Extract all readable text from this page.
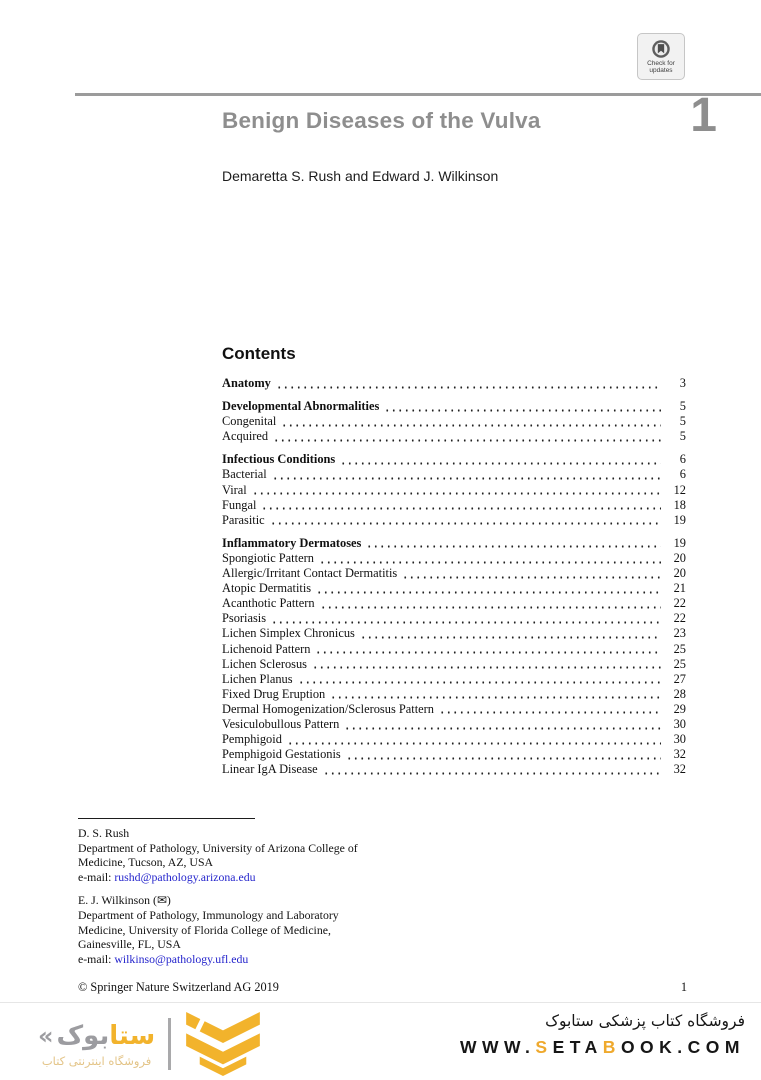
Check for
updates
Benign Diseases of the Vulva	1
Demaretta S. Rush and Edward J. Wilkinson
Contents
Anatomy	3
Developmental Abnormalities	5
Congenital	5
Acquired	5
Infectious Conditions	6
Bacterial	6
Viral	12
Fungal	18
Parasitic	19
Inflammatory Dermatoses	19
Spongiotic Pattern	20
Allergic/Irritant Contact Dermatitis	20
Atopic Dermatitis	21
Acanthotic Pattern	22
Psoriasis	22
Lichen Simplex Chronicus	23
Lichenoid Pattern	25
Lichen Sclerosus	25
Lichen Planus	27
Fixed Drug Eruption	28
Dermal Homogenization/Sclerosus Pattern	29
Vesiculobullous Pattern	30
Pemphigoid	30
Pemphigoid Gestationis	32
Linear IgA Disease	32
D. S. Rush
Department of Pathology, University of Arizona College of
Medicine, Tucson, AZ, USA
e-mail: rushd@pathology.arizona.edu
E. J. Wilkinson (✉)
Department of Pathology, Immunology and Laboratory
Medicine, University of Florida College of Medicine,
Gainesville, FL, USA
e-mail: wilkinso@pathology.ufl.edu
© Springer Nature Switzerland AG 2019	1
«	ستابوک
فروشگاه اینترنتی کتاب
فروشگاه کتاب پزشکی ستابوک
WWW.SETABOOK.COM
